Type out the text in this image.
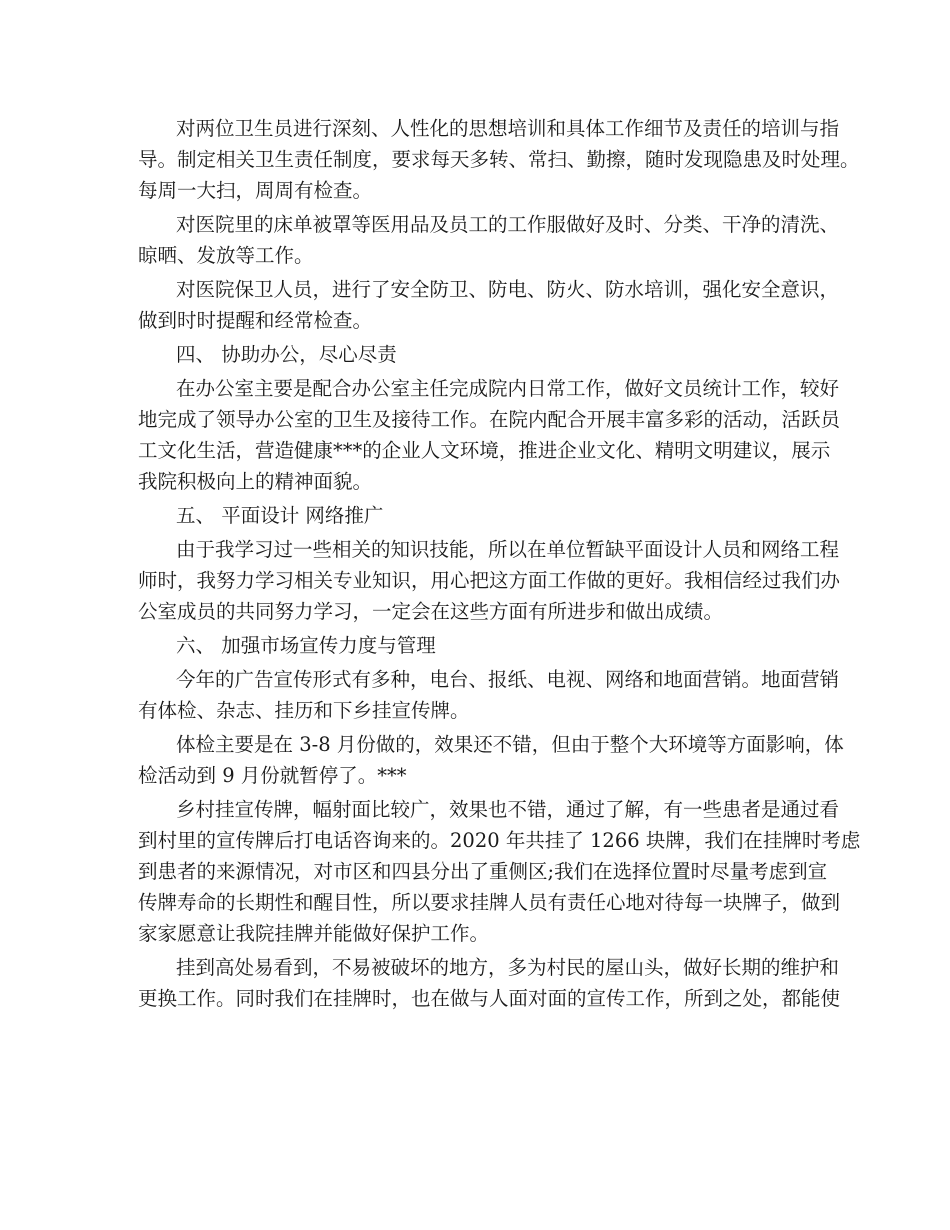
对两位卫生员进行深刻、人性化的思想培训和具体工作细节及责任的培训与指
导。制定相关卫生责任制度，要求每天多转、常扫、勤擦，随时发现隐患及时处理。
每周一大扫，周周有检查。
对医院里的床单被罩等医用品及员工的工作服做好及时、分类、干净的清洗、
晾晒、发放等工作。
对医院保卫人员，进行了安全防卫、防电、防火、防水培训，强化安全意识，
做到时时提醒和经常检查。
四、 协助办公，尽心尽责
在办公室主要是配合办公室主任完成院内日常工作，做好文员统计工作，较好
地完成了领导办公室的卫生及接待工作。在院内配合开展丰富多彩的活动，活跃员
工文化生活，营造健康***的企业人文环境，推进企业文化、精明文明建议，展示
我院积极向上的精神面貌。
五、 平面设计 网络推广
由于我学习过一些相关的知识技能，所以在单位暂缺平面设计人员和网络工程
师时，我努力学习相关专业知识，用心把这方面工作做的更好。我相信经过我们办
公室成员的共同努力学习，一定会在这些方面有所进步和做出成绩。
六、 加强市场宣传力度与管理
今年的广告宣传形式有多种，电台、报纸、电视、网络和地面营销。地面营销
有体检、杂志、挂历和下乡挂宣传牌。
体检主要是在 3-8 月份做的，效果还不错，但由于整个大环境等方面影响，体
检活动到 9 月份就暂停了。***
乡村挂宣传牌，幅射面比较广，效果也不错，通过了解，有一些患者是通过看
到村里的宣传牌后打电话咨询来的。2020 年共挂了 1266 块牌，我们在挂牌时考虑
到患者的来源情况，对市区和四县分出了重侧区;我们在选择位置时尽量考虑到宣
传牌寿命的长期性和醒目性，所以要求挂牌人员有责任心地对待每一块牌子，做到
家家愿意让我院挂牌并能做好保护工作。
挂到高处易看到，不易被破坏的地方，多为村民的屋山头，做好长期的维护和
更换工作。同时我们在挂牌时，也在做与人面对面的宣传工作，所到之处，都能使
